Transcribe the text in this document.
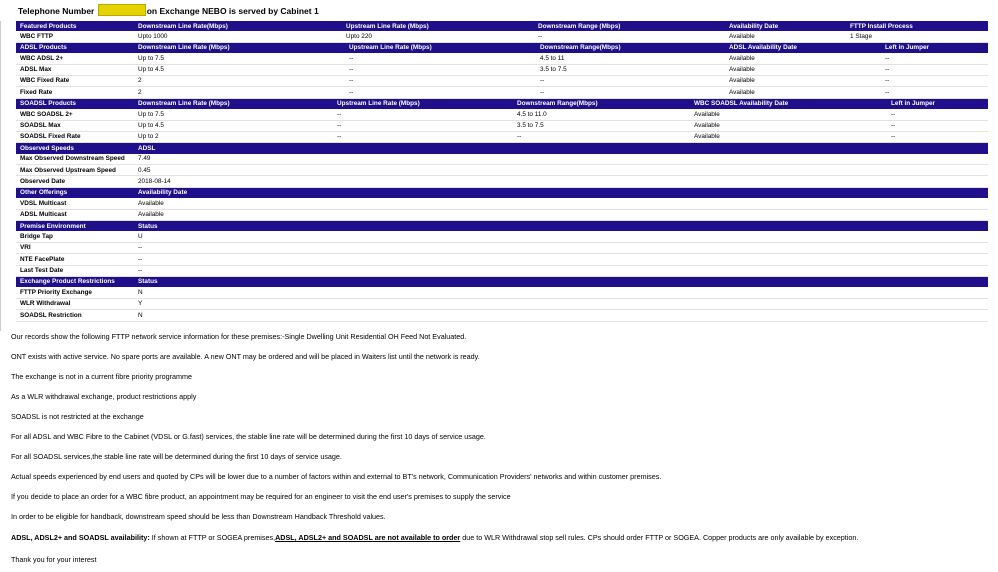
Telephone Number	on Exchange NEBO is served by Cabinet 1
Featured Products	Downstream Line Rate(Mbps)	Upstream Line Rate (Mbps)	Downstream Range (Mbps)	Availability Date	FTTP Install Process
WBC FTTP	Upto 1000	Upto 220	--	Available	1 Stage
ADSL Products	Downstream Line Rate (Mbps)	Upstream Line Rate (Mbps)	Downstream Range(Mbps)	ADSL Availability Date	Left in Jumper
WBC ADSL 2+	Up to 7.5	--	4.5 to 11	Available	--
ADSL Max	Up to 4.5	--	3.5 to 7.5	Available	--
WBC Fixed Rate	2	--	--	Available	--
Fixed Rate	2	--	--	Available	--
SOADSL Products	Downstream Line Rate (Mbps)	Upstream Line Rate (Mbps)	Downstream Range(Mbps)	WBC SOADSL Availability Date	Left in Jumper
WBC SOADSL 2+	Up to 7.5	--	4.5 to 11.0	Available	--
SOADSL Max	Up to 4.5	--	3.5 to 7.5	Available	--
SOADSL Fixed Rate	Up to 2	--	--	Available	--
Observed Speeds	ADSL
Max Observed Downstream Speed 7.49
Max Observed Upstream Speed	0.45
Observed Date	2018-08-14
Other Offerings	Availability Date
VDSL Multicast	Available
ADSL Multicast	Available
Premise Environment	Status
Bridge Tap	U
VRI	--
NTE FacePlate	--
Last Test Date	--
Exchange Product Restrictions	Status
FTTP Priority Exchange	N
WLR Withdrawal	Y
SOADSL Restriction	N
Our records show the following FTTP network service information for these premises:-Single Dwelling Unit Residential OH Feed Not Evaluated.
ONT exists with active service. No spare ports are available. A new ONT may be ordered and will be placed in Waiters list until the network is ready.
The exchange is not in a current fibre priority programme
As a WLR withdrawal exchange, product restrictions apply
SOADSL is not restricted at the exchange
For all ADSL and WBC Fibre to the Cabinet (VDSL or G.fast) services, the stable line rate will be determined during the first 10 days of service usage.
For all SOADSL services,the stable line rate will be determined during the first 10 days of service usage.
Actual speeds experienced by end users and quoted by CPs will be lower due to a number of factors within and external to BT's network, Communication Providers' networks and within customer premises.
If you decide to place an order for a WBC fibre product, an appointment may be required for an engineer to visit the end user's premises to supply the service
In order to be eligible for handback, downstream speed should be less than Downstream Handback Threshold values.
ADSL, ADSL2+ and SOADSL availability: If shown at FTTP or SOGEA premises,ADSL, ADSL2+ and SOADSL are not available to order due to WLR Withdrawal stop sell rules. CPs should order FTTP or SOGEA. Copper products are only available by exception.
Thank you for your interest
